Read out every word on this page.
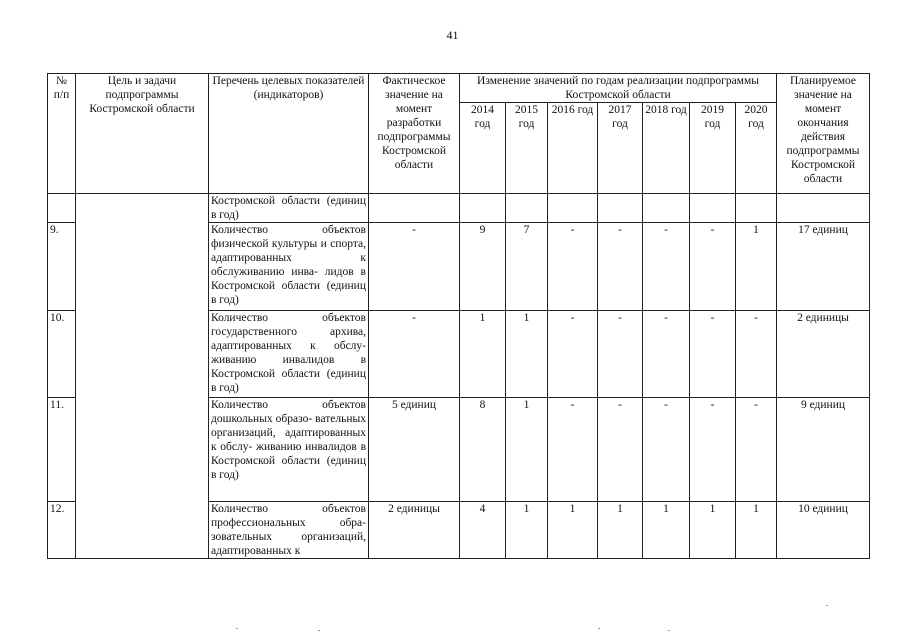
41
№ п/п	Цель и задачи подпрограммы Костромской области	Перечень целевых показателей (индикаторов)	Фактическое значение на момент разработки подпрограммы Костромской области	Изменение значений по годам реализации подпрограммы Костромской области							Планируемое значение на момент окончания действия подпрограммы Костромской области
				2014 год	2015 год	2016 год	2017 год	2018 год	2019 год	2020 год	
		Костромской области (единиц в год)									
9.		Количество объектов физической культуры и спорта, адаптированных к обслуживанию инва- лидов в Костромской области (единиц в год)	-	9	7	-	-	-	-	1	17 единиц
10.		Количество объектов государственного архива, адаптированных к обслу- живанию инвалидов в Костромской области (единиц в год)	-	1	1	-	-	-	-	-	2 единицы
11.		Количество объектов дошкольных образо- вательных организаций, адаптированных к обслу- живанию инвалидов в Костромской области (единиц в год)	5 единиц	8	1	-	-	-	-	-	9 единиц
12.		Количество объектов профессиональных обра- зовательных организаций, адаптированных к	2 единицы	4	1	1	1	1	1	1	10 единиц
